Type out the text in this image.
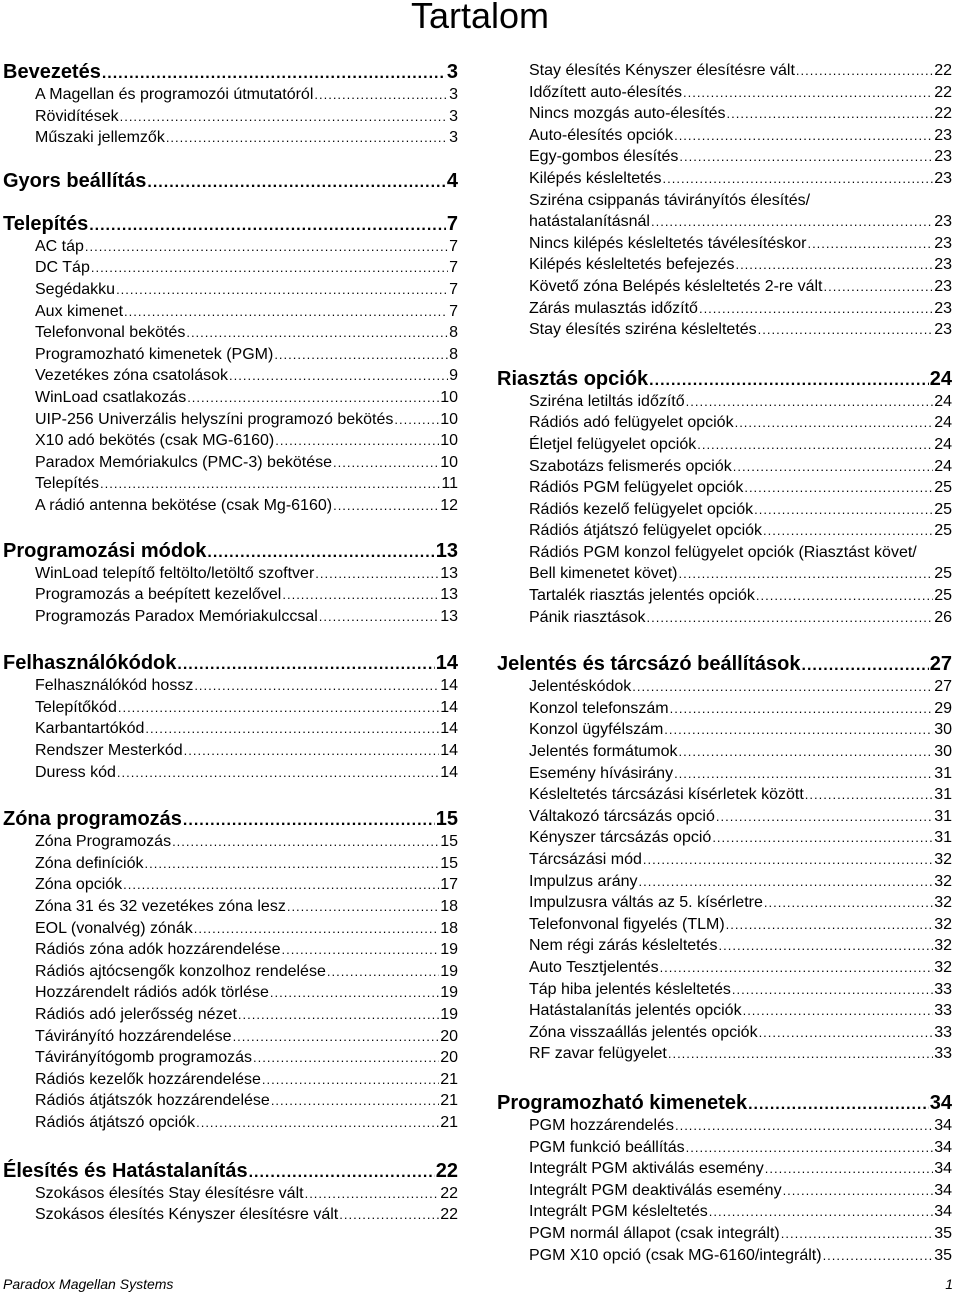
Tartalom
Bevezetés .....	3
A Magellan és programozói útmutatóról .....	3
Rövidítések .....	3
Műszaki jellemzők .....	3
Gyors beállítás .....	4
Telepítés .....	7
AC táp .....	7
DC Táp .....	7
Segédakku .....	7
Aux kimenet .....	7
Telefonvonal bekötés .....	8
Programozható kimenetek (PGM) .....	8
Vezetékes zóna csatolások .....	9
WinLoad csatlakozás .....	10
UIP-256 Univerzális helyszíni programozó bekötés .....	10
X10 adó bekötés (csak MG-6160) .....	10
Paradox Memóriakulcs (PMC-3) bekötése .....	10
Telepítés .....	11
A rádió antenna bekötése (csak Mg-6160) .....	12
Programozási módok .....	13
WinLoad telepítő feltölto/letöltő szoftver .....	13
Programozás a beépített kezelővel .....	13
Programozás Paradox Memóriakulccsal .....	13
Felhasználókódok .....	14
Felhasználókód hossz .....	14
Telepítőkód .....	14
Karbantartókód .....	14
Rendszer Mesterkód .....	14
Duress kód .....	14
Zóna programozás .....	15
Zóna Programozás .....	15
Zóna definíciók .....	15
Zóna opciók .....	17
Zóna 31 és 32 vezetékes zóna lesz .....	18
EOL (vonalvég) zónák .....	18
Rádiós zóna adók hozzárendelése .....	19
Rádiós ajtócsengők konzolhoz rendelése .....	19
Hozzárendelt rádiós adók törlése .....	19
Rádiós adó jelerősség nézet .....	19
Távirányító hozzárendelése .....	20
Távirányítógomb programozás .....	20
Rádiós kezelők hozzárendelése .....	21
Rádiós átjátszók hozzárendelése .....	21
Rádiós átjátszó opciók .....	21
Élesítés és Hatástalanítás .....	22
Szokásos élesítés Stay élesítésre vált .....	22
Szokásos élesítés Kényszer élesítésre vált .....	22
Stay élesítés Kényszer élesítésre vált .....	22
Időzített auto-élesítés .....	22
Nincs mozgás auto-élesítés .....	22
Auto-élesítés opciók .....	23
Egy-gombos élesítés .....	23
Kilépés késleltetés .....	23
Sziréna csippanás távirányítós élesítés/
hatástalanításnál .....	23
Nincs kilépés késleltetés távélesítéskor .....	23
Kilépés késleltetés befejezés .....	23
Követő zóna Belépés késleltetés 2-re vált .....	23
Zárás mulasztás időzítő .....	23
Stay élesítés sziréna késleltetés .....	23
Riasztás opciók .....	24
Sziréna letiltás időzítő .....	24
Rádiós adó felügyelet opciók .....	24
Életjel felügyelet opciók .....	24
Szabotázs felismerés opciók .....	24
Rádiós PGM felügyelet opciók .....	25
Rádiós kezelő felügyelet opciók .....	25
Rádiós átjátszó felügyelet opciók .....	25
Rádiós PGM konzol felügyelet opciók (Riasztást követ/
Bell kimenetet követ) .....	25
Tartalék riasztás jelentés opciók .....	25
Pánik riasztások .....	26
Jelentés és tárcsázó beállítások .....	27
Jelentéskódok .....	27
Konzol telefonszám .....	29
Konzol ügyfélszám .....	30
Jelentés formátumok .....	30
Esemény hívásirány .....	31
Késleltetés tárcsázási kísérletek között .....	31
Váltakozó tárcsázás opció .....	31
Kényszer tárcsázás opció .....	31
Tárcsázási mód .....	32
Impulzus arány .....	32
Impulzusra váltás az 5. kísérletre .....	32
Telefonvonal figyelés (TLM) .....	32
Nem régi zárás késleltetés .....	32
Auto Tesztjelentés .....	32
Táp hiba jelentés késleltetés .....	33
Hatástalanítás jelentés opciók .....	33
Zóna visszaállás jelentés opciók .....	33
RF zavar felügyelet .....	33
Programozható kimenetek .....	34
PGM hozzárendelés .....	34
PGM funkció beállítás .....	34
Integrált PGM aktiválás esemény .....	34
Integrált PGM deaktiválás esemény .....	34
Integrált PGM késleltetés .....	34
PGM normál állapot (csak integrált) .....	35
PGM X10 opció (csak MG-6160/integrált) .....	35
Paradox Magellan Systems	1
